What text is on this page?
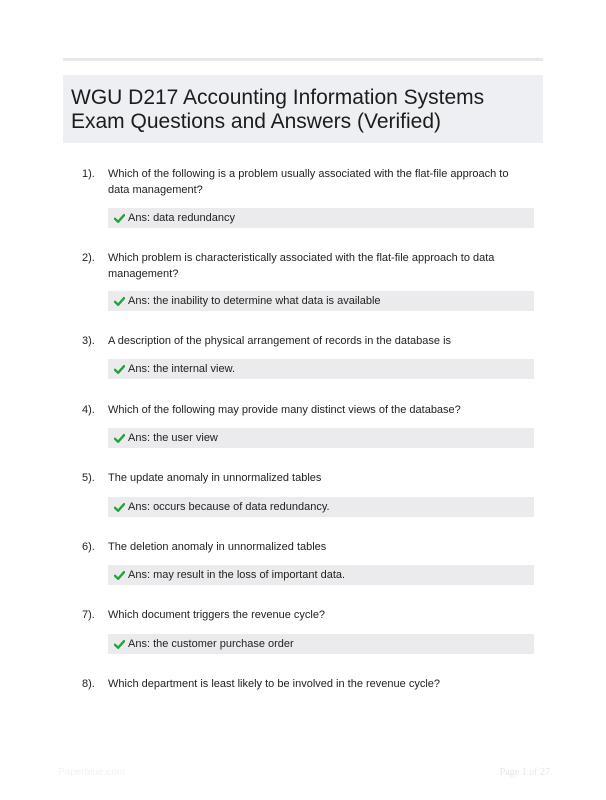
WGU D217 Accounting Information Systems
Exam Questions and Answers (Verified)
1). Which of the following is a problem usually associated with the flat-file approach to data management?
Ans: data redundancy
2). Which problem is characteristically associated with the flat-file approach to data management?
Ans: the inability to determine what data is available
3). A description of the physical arrangement of records in the database is
Ans: the internal view.
4). Which of the following may provide many distinct views of the database?
Ans: the user view
5). The update anomaly in unnormalized tables
Ans: occurs because of data redundancy.
6). The deletion anomaly in unnormalized tables
Ans: may result in the loss of important data.
7). Which document triggers the revenue cycle?
Ans: the customer purchase order
8). Which department is least likely to be involved in the revenue cycle?
Paperblue.com	Page 1 of 27
